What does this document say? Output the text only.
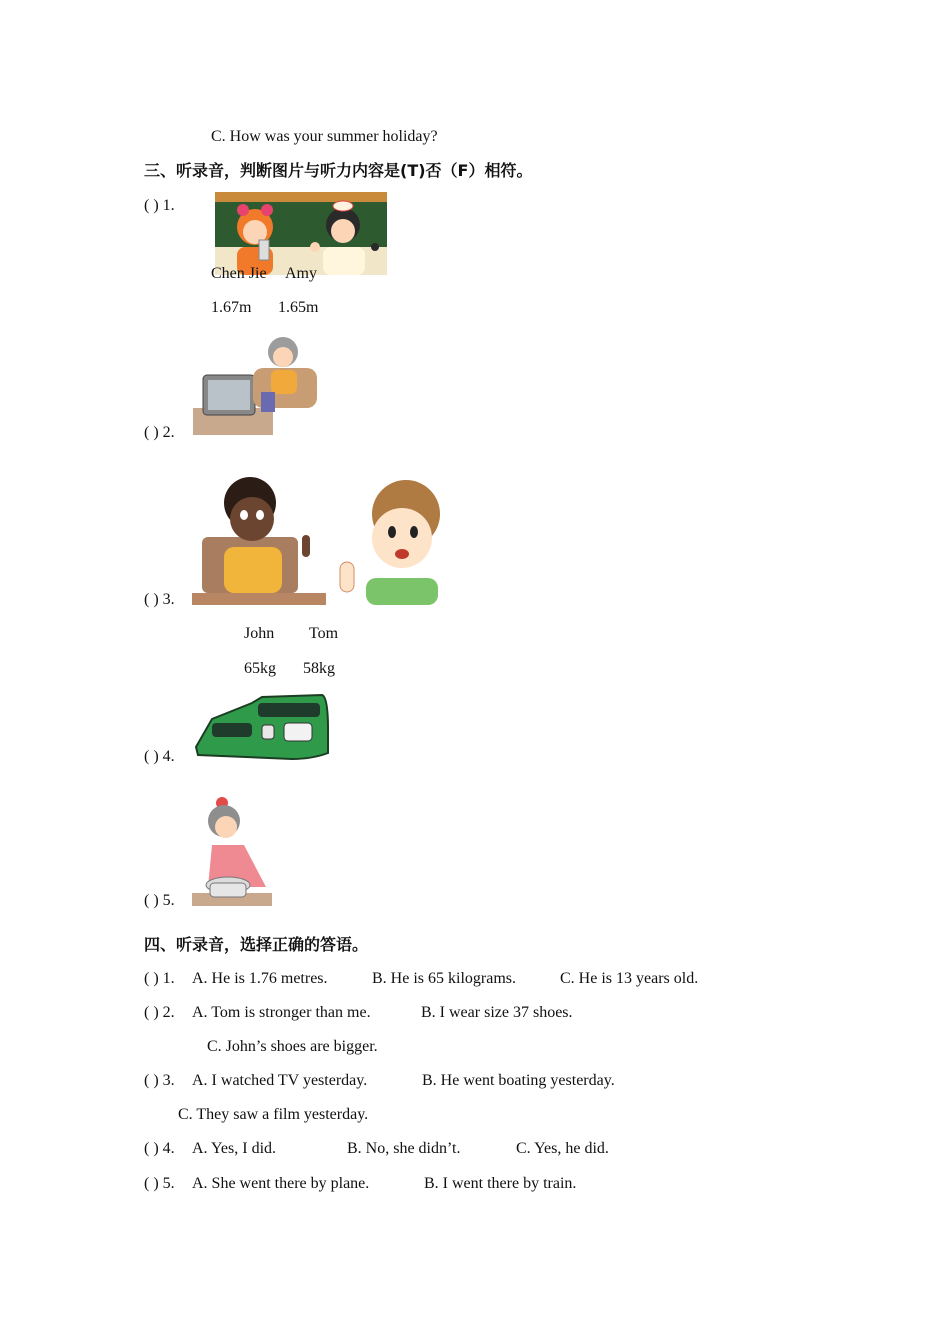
C. How was your summer holiday?
三、听录音，判断图片与听力内容是(T)否（F）相符。
( ) 1.
Chen Jie Amy
1.67m 1.65m
( ) 2.
( ) 3.
John Tom
65kg 58kg
( ) 4.
( ) 5.
四、听录音，选择正确的答语。
( ) 1. A. He is 1.76 metres.	B. He is 65 kilograms.	C. He is 13 years old.
( ) 2. A. Tom is stronger than me.	B. I wear size 37 shoes.
C. John’s shoes are bigger.
( ) 3. A. I watched TV yesterday.	B. He went boating yesterday.
C. They saw a film yesterday.
( ) 4. A. Yes, I did.	B. No, she didn’t.	C. Yes, he did.
( ) 5. A. She went there by plane.	B. I went there by train.
